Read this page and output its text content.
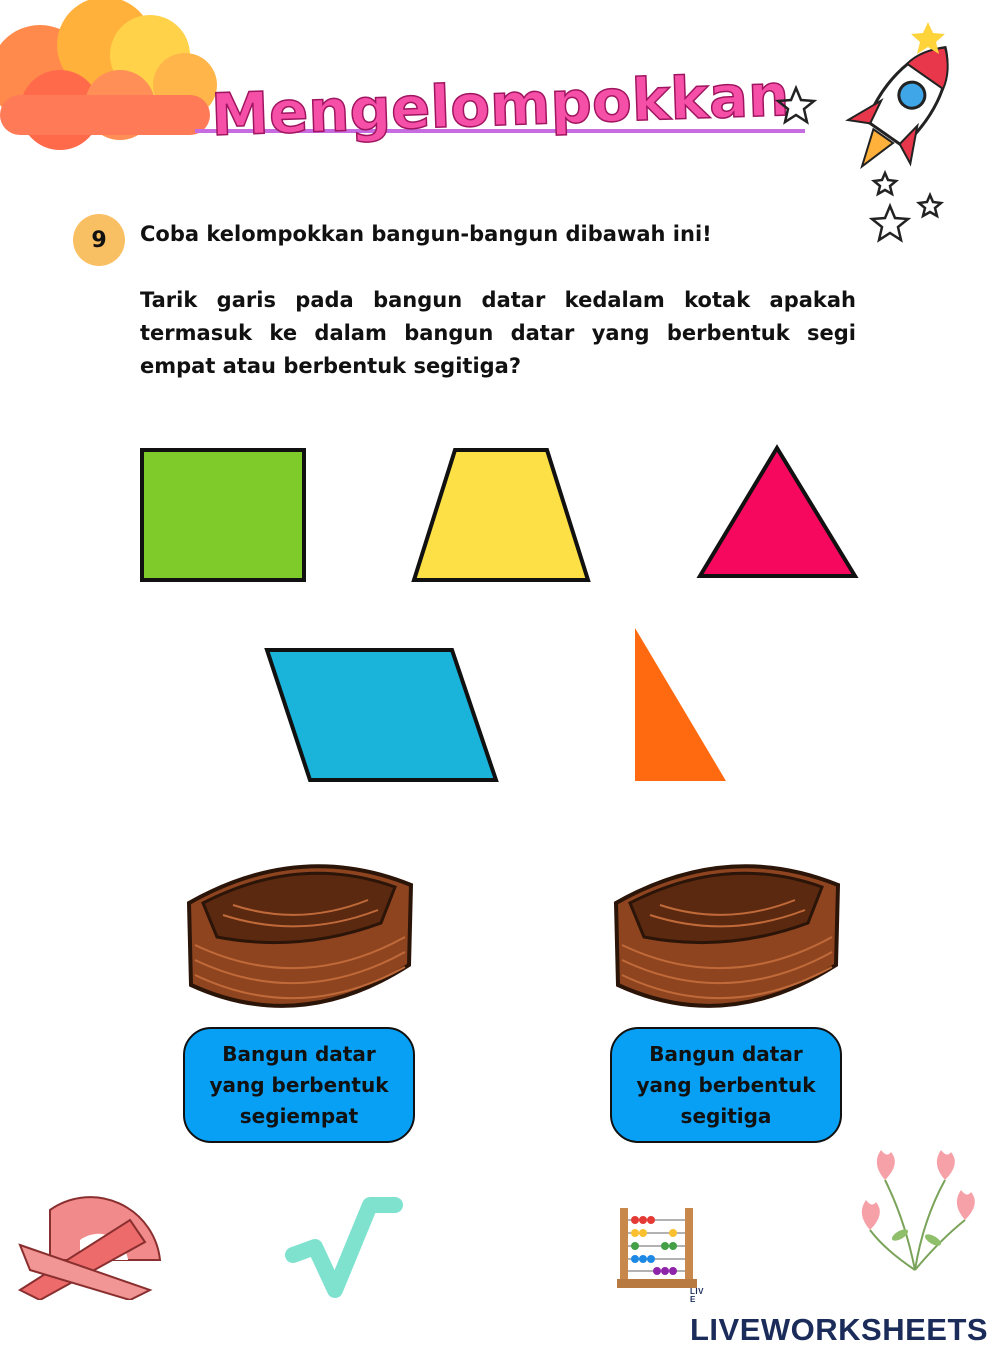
Mengelompokkan
9	Coba kelompokkan bangun-bangun dibawah ini!
Tarik garis pada bangun datar kedalam kotak apakah termasuk ke dalam bangun datar yang berbentuk segi empat atau berbentuk segitiga?
Bangun datar
yang berbentuk
segiempat
Bangun datar
yang berbentuk
segitiga
LIVELIVEWORKSHEETS
